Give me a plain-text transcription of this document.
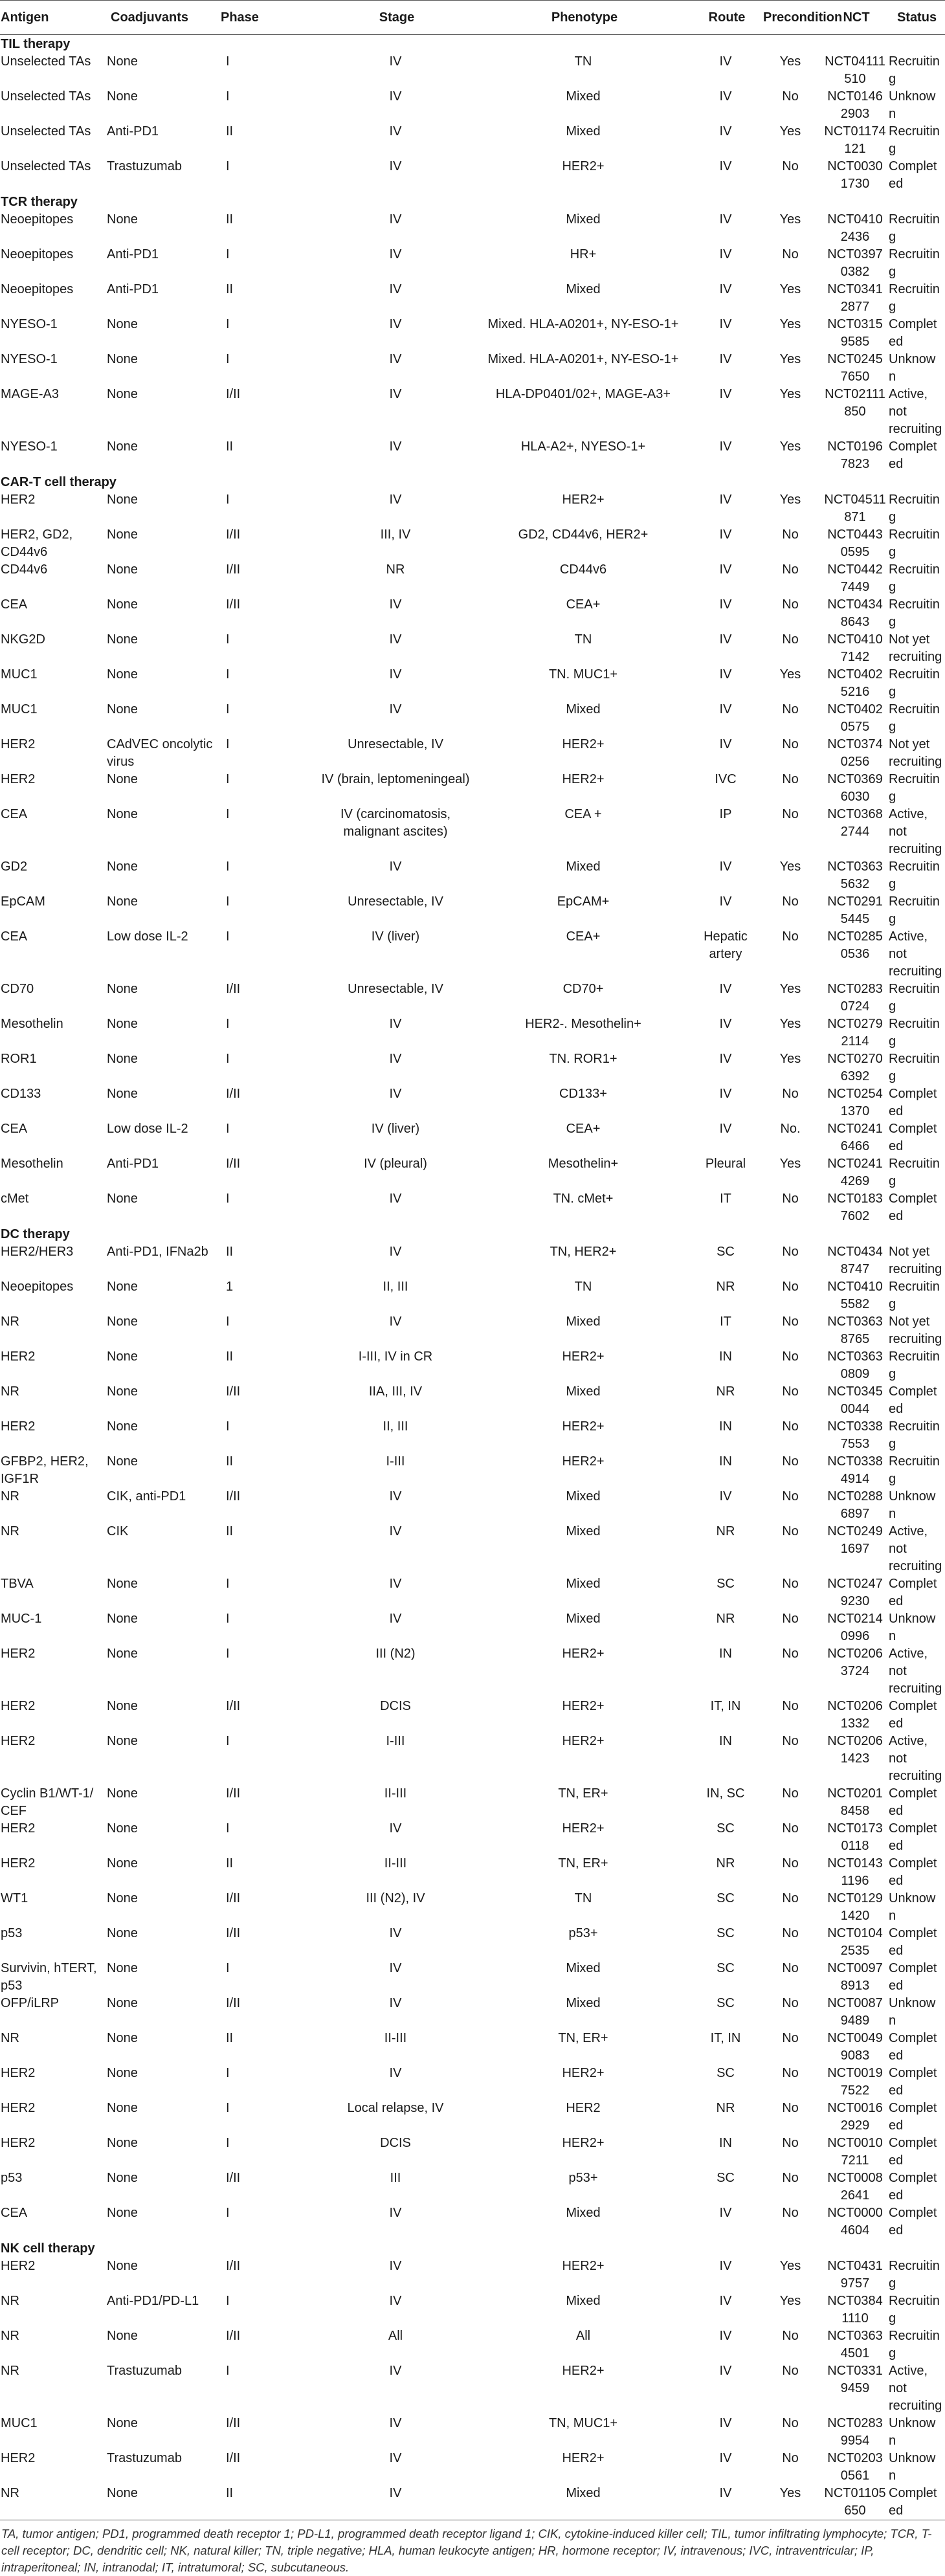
Antigen	Coadjuvants	Phase	Stage	Phenotype	Route	Precondition	NCT	Status
TIL therapy								
Unselected TAs	None	I	IV	TN	IV	Yes	NCT04111510	Recruiting
Unselected TAs	None	I	IV	Mixed	IV	No	NCT01462903	Unknown
Unselected TAs	Anti-PD1	II	IV	Mixed	IV	Yes	NCT01174121	Recruiting
Unselected TAs	Trastuzumab	I	IV	HER2+	IV	No	NCT00301730	Completed
TCR therapy								
Neoepitopes	None	II	IV	Mixed	IV	Yes	NCT04102436	Recruiting
Neoepitopes	Anti-PD1	I	IV	HR+	IV	No	NCT03970382	Recruiting
Neoepitopes	Anti-PD1	II	IV	Mixed	IV	Yes	NCT03412877	Recruiting
NYESO-1	None	I	IV	Mixed. HLA-A0201+, NY-ESO-1+	IV	Yes	NCT03159585	Completed
NYESO-1	None	I	IV	Mixed. HLA-A0201+, NY-ESO-1+	IV	Yes	NCT02457650	Unknown
MAGE-A3	None	I/II	IV	HLA-DP0401/02+, MAGE-A3+	IV	Yes	NCT02111850	Active, not recruiting
NYESO-1	None	II	IV	HLA-A2+, NYESO-1+	IV	Yes	NCT01967823	Completed
CAR-T cell therapy								
HER2	None	I	IV	HER2+	IV	Yes	NCT04511871	Recruiting
HER2, GD2, CD44v6	None	I/II	III, IV	GD2, CD44v6, HER2+	IV	No	NCT04430595	Recruiting
CD44v6	None	I/II	NR	CD44v6	IV	No	NCT04427449	Recruiting
CEA	None	I/II	IV	CEA+	IV	No	NCT04348643	Recruiting
NKG2D	None	I	IV	TN	IV	No	NCT04107142	Not yet recruiting
MUC1	None	I	IV	TN. MUC1+	IV	Yes	NCT04025216	Recruiting
MUC1	None	I	IV	Mixed	IV	No	NCT04020575	Recruiting
HER2	CAdVEC oncolytic virus	I	Unresectable, IV	HER2+	IV	No	NCT03740256	Not yet recruiting
HER2	None	I	IV (brain, leptomeningeal)	HER2+	IVC	No	NCT03696030	Recruiting
CEA	None	I	IV (carcinomatosis, malignant ascites)	CEA +	IP	No	NCT03682744	Active, not recruiting
GD2	None	I	IV	Mixed	IV	Yes	NCT03635632	Recruiting
EpCAM	None	I	Unresectable, IV	EpCAM+	IV	No	NCT02915445	Recruiting
CEA	Low dose IL-2	I	IV (liver)	CEA+	Hepatic artery	No	NCT02850536	Active, not recruiting
CD70	None	I/II	Unresectable, IV	CD70+	IV	Yes	NCT02830724	Recruiting
Mesothelin	None	I	IV	HER2-. Mesothelin+	IV	Yes	NCT02792114	Recruiting
ROR1	None	I	IV	TN. ROR1+	IV	Yes	NCT02706392	Recruiting
CD133	None	I/II	IV	CD133+	IV	No	NCT02541370	Completed
CEA	Low dose IL-2	I	IV (liver)	CEA+	IV	No.	NCT02416466	Completed
Mesothelin	Anti-PD1	I/II	IV (pleural)	Mesothelin+	Pleural	Yes	NCT02414269	Recruiting
cMet	None	I	IV	TN. cMet+	IT	No	NCT01837602	Completed
DC therapy								
HER2/HER3	Anti-PD1, IFNa2b	II	IV	TN, HER2+	SC	No	NCT04348747	Not yet recruiting
Neoepitopes	None	1	II, III	TN	NR	No	NCT04105582	Recruiting
NR	None	I	IV	Mixed	IT	No	NCT03638765	Not yet recruiting
HER2	None	II	I-III, IV in CR	HER2+	IN	No	NCT03630809	Recruiting
NR	None	I/II	IIA, III, IV	Mixed	NR	No	NCT03450044	Completed
HER2	None	I	II, III	HER2+	IN	No	NCT03387553	Recruiting
GFBP2, HER2, IGF1R	None	II	I-III	HER2+	IN	No	NCT03384914	Recruiting
NR	CIK, anti-PD1	I/II	IV	Mixed	IV	No	NCT02886897	Unknown
NR	CIK	II	IV	Mixed	NR	No	NCT02491697	Active, not recruiting
TBVA	None	I	IV	Mixed	SC	No	NCT02479230	Completed
MUC-1	None	I	IV	Mixed	NR	No	NCT02140996	Unknown
HER2	None	I	III (N2)	HER2+	IN	No	NCT02063724	Active, not recruiting
HER2	None	I/II	DCIS	HER2+	IT, IN	No	NCT02061332	Completed
HER2	None	I	I-III	HER2+	IN	No	NCT02061423	Active, not recruiting
Cyclin B1/WT-1/ CEF	None	I/II	II-III	TN, ER+	IN, SC	No	NCT02018458	Completed
HER2	None	I	IV	HER2+	SC	No	NCT01730118	Completed
HER2	None	II	II-III	TN, ER+	NR	No	NCT01431196	Completed
WT1	None	I/II	III (N2), IV	TN	SC	No	NCT01291420	Unknown
p53	None	I/II	IV	p53+	SC	No	NCT01042535	Completed
Survivin, hTERT, p53	None	I	IV	Mixed	SC	No	NCT00978913	Completed
OFP/iLRP	None	I/II	IV	Mixed	SC	No	NCT00879489	Unknown
NR	None	II	II-III	TN, ER+	IT, IN	No	NCT00499083	Completed
HER2	None	I	IV	HER2+	SC	No	NCT00197522	Completed
HER2	None	I	Local relapse, IV	HER2	NR	No	NCT00162929	Completed
HER2	None	I	DCIS	HER2+	IN	No	NCT00107211	Completed
p53	None	I/II	III	p53+	SC	No	NCT00082641	Completed
CEA	None	I	IV	Mixed	IV	No	NCT00004604	Completed
NK cell therapy								
HER2	None	I/II	IV	HER2+	IV	Yes	NCT04319757	Recruiting
NR	Anti-PD1/PD-L1	I	IV	Mixed	IV	Yes	NCT03841110	Recruiting
NR	None	I/II	All	All	IV	No	NCT03634501	Recruiting
NR	Trastuzumab	I	IV	HER2+	IV	No	NCT03319459	Active, not recruiting
MUC1	None	I/II	IV	TN, MUC1+	IV	No	NCT02839954	Unknown
HER2	Trastuzumab	I/II	IV	HER2+	IV	No	NCT02030561	Unknown
NR	None	II	IV	Mixed	IV	Yes	NCT01105650	Completed
TA, tumor antigen; PD1, programmed death receptor 1; PD-L1, programmed death receptor ligand 1; CIK, cytokine-induced killer cell; TIL, tumor infiltrating lymphocyte; TCR, T-cell receptor; DC, dendritic cell; NK, natural killer; TN, triple negative; HLA, human leukocyte antigen; HR, hormone receptor; IV, intravenous; IVC, intraventricular; IP, intraperitoneal; IN, intranodal; IT, intratumoral; SC, subcutaneous.
